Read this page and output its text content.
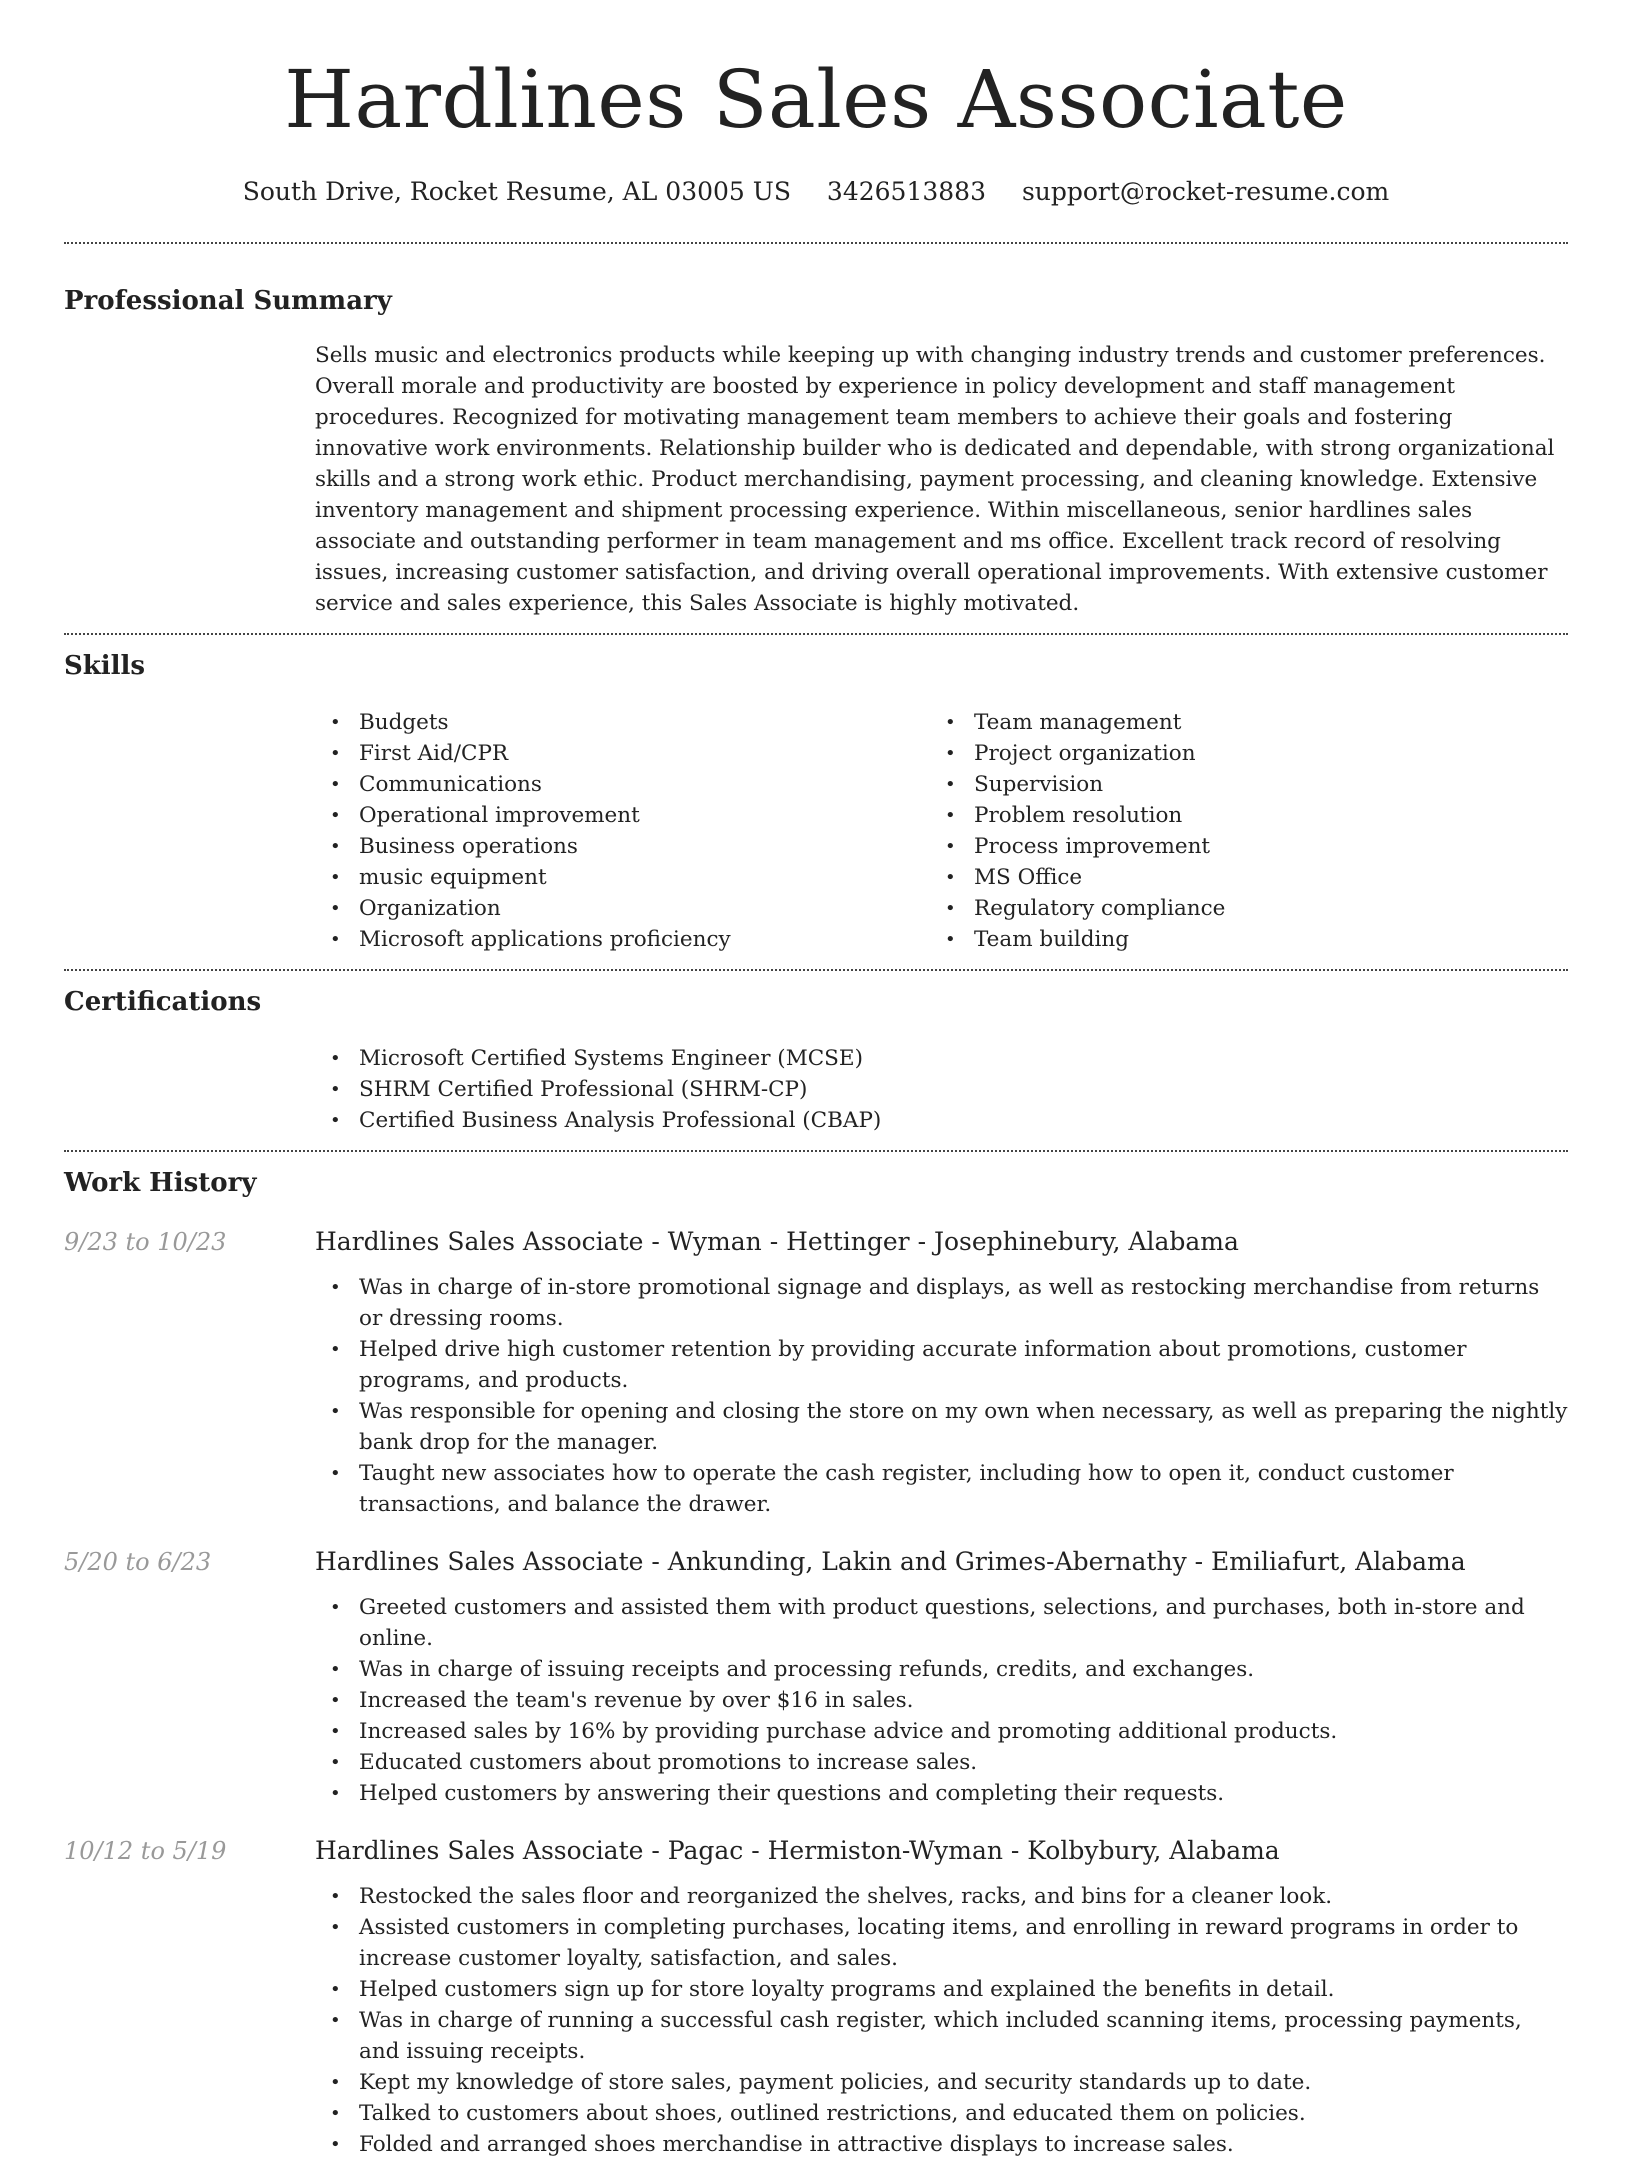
Hardlines Sales Associate
South Drive, Rocket Resume, AL 03005 US 3426513883 support@rocket-resume.com
Professional Summary

Sells music and electronics products while keeping up with changing industry trends and customer preferences. Overall morale and productivity are boosted by experience in policy development and staff management procedures. Recognized for motivating management team members to achieve their goals and fostering innovative work environments. Relationship builder who is dedicated and dependable, with strong organizational skills and a strong work ethic. Product merchandising, payment processing, and cleaning knowledge. Extensive inventory management and shipment processing experience. Within miscellaneous, senior hardlines sales associate and outstanding performer in team management and ms office. Excellent track record of resolving issues, increasing customer satisfaction, and driving overall operational improvements. With extensive customer service and sales experience, this Sales Associate is highly motivated.

Skills
• Budgets
• First Aid/CPR
• Communications
• Operational improvement
• Business operations
• music equipment
• Organization
• Microsoft applications proficiency
• Team management
• Project organization
• Supervision
• Problem resolution
• Process improvement
• MS Office
• Regulatory compliance
• Team building
Certifications
• Microsoft Certified Systems Engineer (MCSE)
• SHRM Certified Professional (SHRM-CP)
• Certified Business Analysis Professional (CBAP)
Work History
9/23 to 10/23	Hardlines Sales Associate - Wyman - Hettinger - Josephinebury, Alabama
• Was in charge of in-store promotional signage and displays, as well as restocking merchandise from returns or dressing rooms.
• Helped drive high customer retention by providing accurate information about promotions, customer programs, and products.
• Was responsible for opening and closing the store on my own when necessary, as well as preparing the nightly bank drop for the manager.
• Taught new associates how to operate the cash register, including how to open it, conduct customer transactions, and balance the drawer.
5/20 to 6/23	Hardlines Sales Associate - Ankunding, Lakin and Grimes-Abernathy - Emiliafurt, Alabama
• Greeted customers and assisted them with product questions, selections, and purchases, both in-store and online.
• Was in charge of issuing receipts and processing refunds, credits, and exchanges.
• Increased the team's revenue by over $16 in sales.
• Increased sales by 16% by providing purchase advice and promoting additional products.
• Educated customers about promotions to increase sales.
• Helped customers by answering their questions and completing their requests.
10/12 to 5/19	Hardlines Sales Associate - Pagac - Hermiston-Wyman - Kolbybury, Alabama
• Restocked the sales floor and reorganized the shelves, racks, and bins for a cleaner look.
• Assisted customers in completing purchases, locating items, and enrolling in reward programs in order to increase customer loyalty, satisfaction, and sales.
• Helped customers sign up for store loyalty programs and explained the benefits in detail.
• Was in charge of running a successful cash register, which included scanning items, processing payments, and issuing receipts.
• Kept my knowledge of store sales, payment policies, and security standards up to date.
• Talked to customers about shoes, outlined restrictions, and educated them on policies.
• Folded and arranged shoes merchandise in attractive displays to increase sales.
